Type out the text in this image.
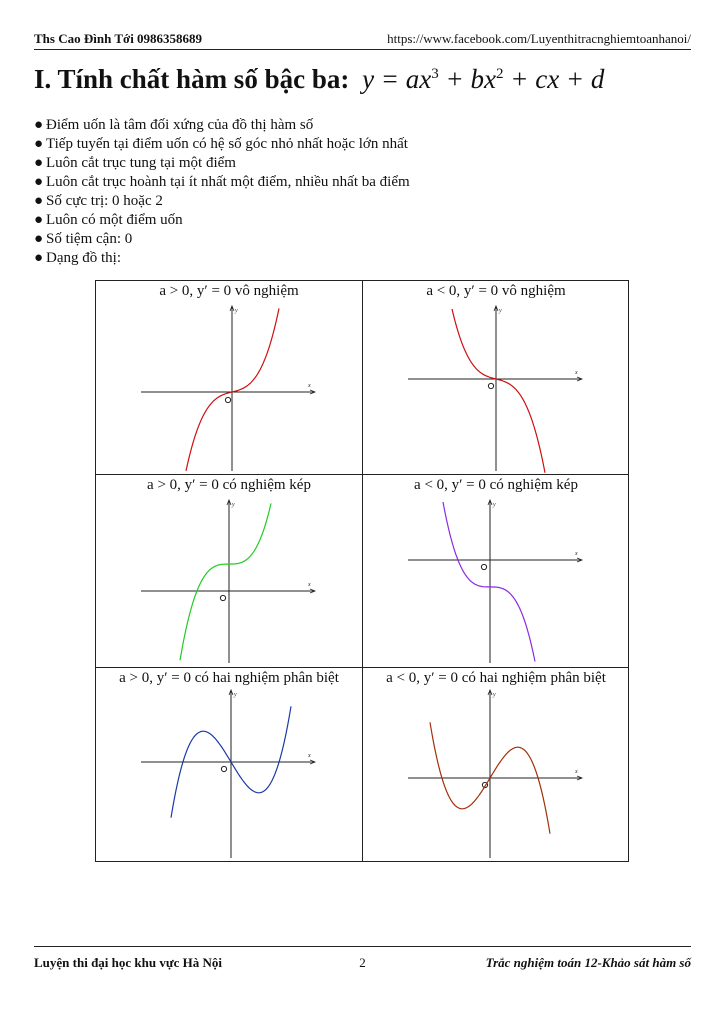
Ths Cao Đình Tới 0986358689	https://www.facebook.com/Luyenthitracnghiemtoanhanoi/
I. Tính chất hàm số bậc ba: $y = ax^3 + bx^2$ + cx + d
● Điểm uốn là tâm đối xứng của đồ thị hàm số
● Tiếp tuyến tại điểm uốn có hệ số góc nhỏ nhất hoặc lớn nhất
● Luôn cắt trục tung tại một điểm
● Luôn cắt trục hoành tại ít nhất một điểm, nhiều nhất ba điểm
● Số cực trị: 0 hoặc 2
● Luôn có một điểm uốn
● Số tiệm cận: 0
● Dạng đồ thị:
a > 0, y′ = 0 vô nghiệm
x
y
a < 0, y′ = 0 vô nghiệm
x
y
a > 0, y′ = 0 có nghiệm kép
x
y
a < 0, y′ = 0 có nghiệm kép
x
y
a > 0, y′ = 0 có hai nghiệm phân biệt
x
y
a < 0, y′ = 0 có hai nghiệm phân biệt
x
y
Luyện thi đại học khu vực Hà Nội	2	Trắc nghiệm toán 12-Khảo sát hàm số
